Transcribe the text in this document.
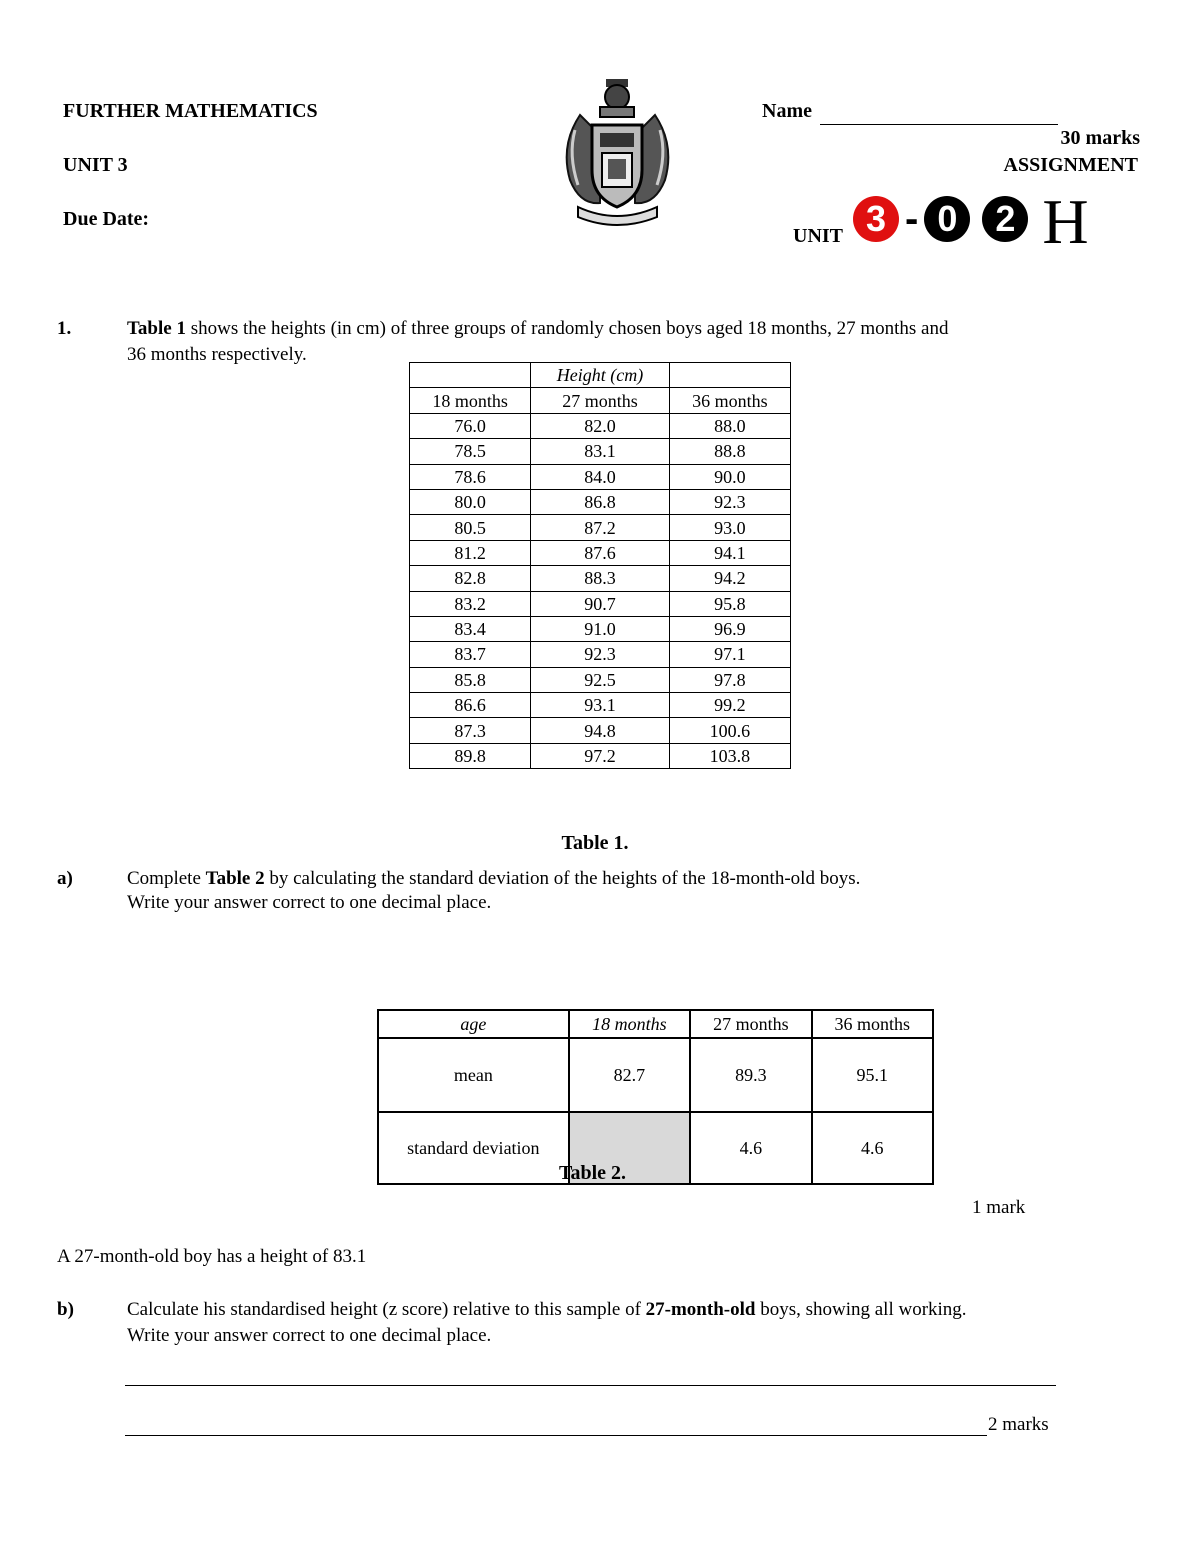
FURTHER MATHEMATICS
UNIT 3
Due Date:
Name
30 marks
ASSIGNMENT
UNIT 3 - 0	2 H
1.	Table 1 shows the heights (in cm) of three groups of randomly chosen boys aged 18 months, 27 months and
36 months respectively.
	Height (cm)	
18 months	27 months	36 months
76.0	82.0	88.0
78.5	83.1	88.8
78.6	84.0	90.0
80.0	86.8	92.3
80.5	87.2	93.0
81.2	87.6	94.1
82.8	88.3	94.2
83.2	90.7	95.8
83.4	91.0	96.9
83.7	92.3	97.1
85.8	92.5	97.8
86.6	93.1	99.2
87.3	94.8	100.6
89.8	97.2	103.8
Table 1.
a)	Complete Table 2 by calculating the standard deviation of the heights of the 18-month-old boys.
Write your answer correct to one decimal place.
age	18 months	27 months	36 months
mean	82.7	89.3	95.1
standard deviation		4.6	4.6
Table 2.
1 mark
A 27-month-old boy has a height of 83.1
b)	Calculate his standardised height (z score) relative to this sample of 27-month-old boys, showing all working.
Write your answer correct to one decimal place.
2 marks
